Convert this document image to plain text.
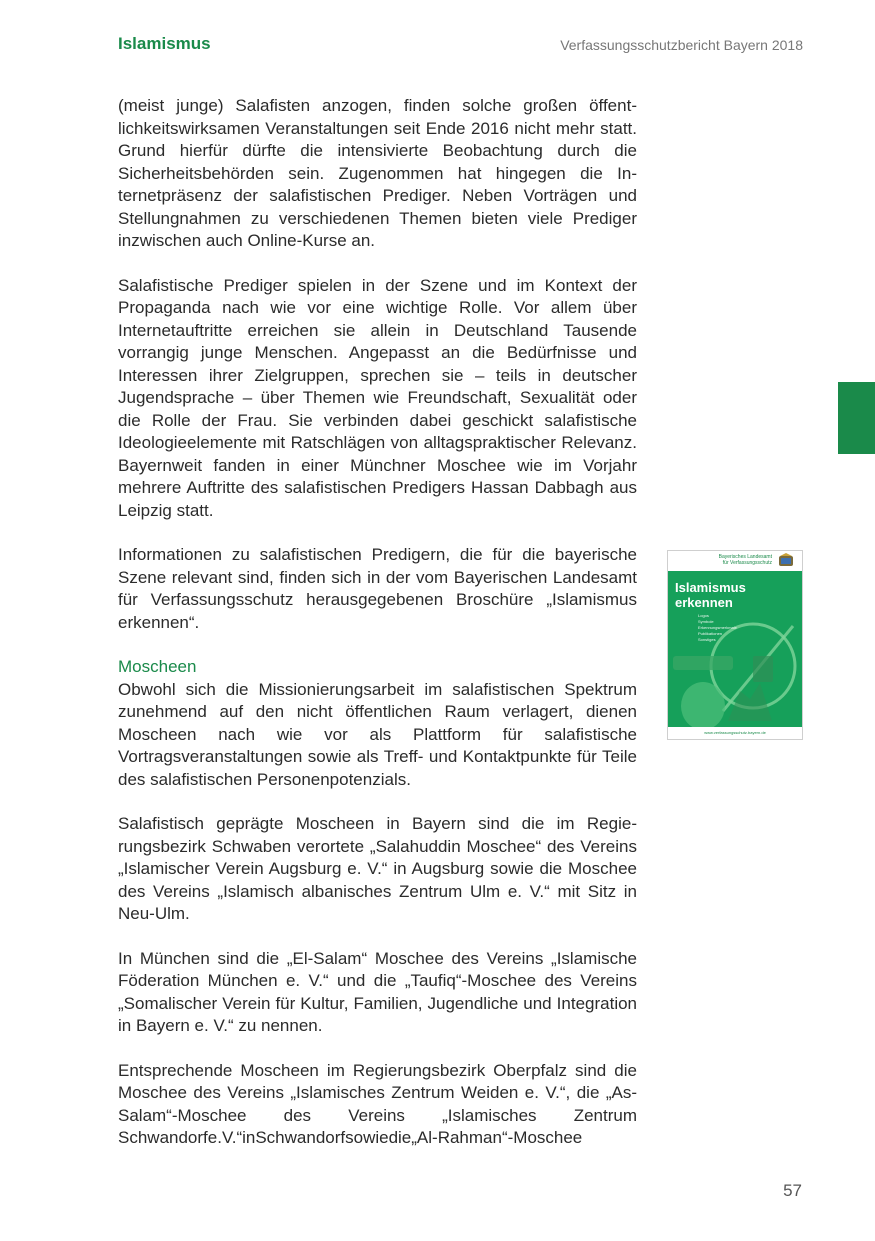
Islamismus	Verfassungsschutzbericht Bayern 2018

(meist junge) Salafisten anzogen, finden solche großen öffentlichkeitswirksamen Veranstaltungen seit Ende 2016 nicht mehr statt. Grund hierfür dürfte die intensivierte Beobachtung durch die Sicherheitsbehörden sein. Zugenommen hat hingegen die Internetpräsenz der salafistischen Prediger. Neben Vorträgen und Stellungnahmen zu verschiedenen Themen bieten viele Prediger inzwischen auch Online-Kurse an.

Salafistische Prediger spielen in der Szene und im Kontext der Propaganda nach wie vor eine wichtige Rolle. Vor allem über Internetauftritte erreichen sie allein in Deutschland Tausende vorrangig junge Menschen. Angepasst an die Bedürfnisse und Interessen ihrer Zielgruppen, sprechen sie – teils in deutscher Jugendsprache – über Themen wie Freundschaft, Sexualität oder die Rolle der Frau. Sie verbinden dabei geschickt salafistische Ideologieelemente mit Ratschlägen von alltagspraktischer Relevanz. Bayernweit fanden in einer Münchner Moschee wie im Vorjahr mehrere Auftritte des salafistischen Predigers Hassan Dabbagh aus Leipzig statt.

Informationen zu salafistischen Predigern, die für die bayerische Szene relevant sind, finden sich in der vom Bayerischen Landesamt für Verfassungsschutz herausgegebenen Broschüre „Islamismus erkennen“.

Moscheen

Obwohl sich die Missionierungsarbeit im salafistischen Spektrum zunehmend auf den nicht öffentlichen Raum verlagert, dienen Moscheen nach wie vor als Plattform für salafistische Vortragsveranstaltungen sowie als Treff- und Kontaktpunkte für Teile des salafistischen Personenpotenzials.

Salafistisch geprägte Moscheen in Bayern sind die im Regierungsbezirk Schwaben verortete „Salahuddin Moschee“ des Vereins „Islamischer Verein Augsburg e. V.“ in Augsburg sowie die Moschee des Vereins „Islamisch albanisches Zentrum Ulm e. V.“ mit Sitz in Neu-Ulm.

In München sind die „El-Salam“ Moschee des Vereins „Islamische Föderation München e. V.“ und die „Taufiq“-Moschee des Vereins „Somalischer Verein für Kultur, Familien, Jugendliche und Integration in Bayern e. V.“ zu nennen.

Entsprechende Moscheen im Regierungsbezirk Oberpfalz sind die Moschee des Vereins „Islamisches Zentrum Weiden e. V.“, die „As-Salam“-Moschee des Vereins „Islamisches Zentrum Schwandorfe.V.“inSchwandorfsowiedie„Al-Rahman“-Moschee

Bayerisches Landesamt
für Verfassungsschutz
Islamismus
erkennen
Logos
Symbole
Erkennungsmerkmale
Publikationen
Sonstiges
www.verfassungsschutz.bayern.de
57
